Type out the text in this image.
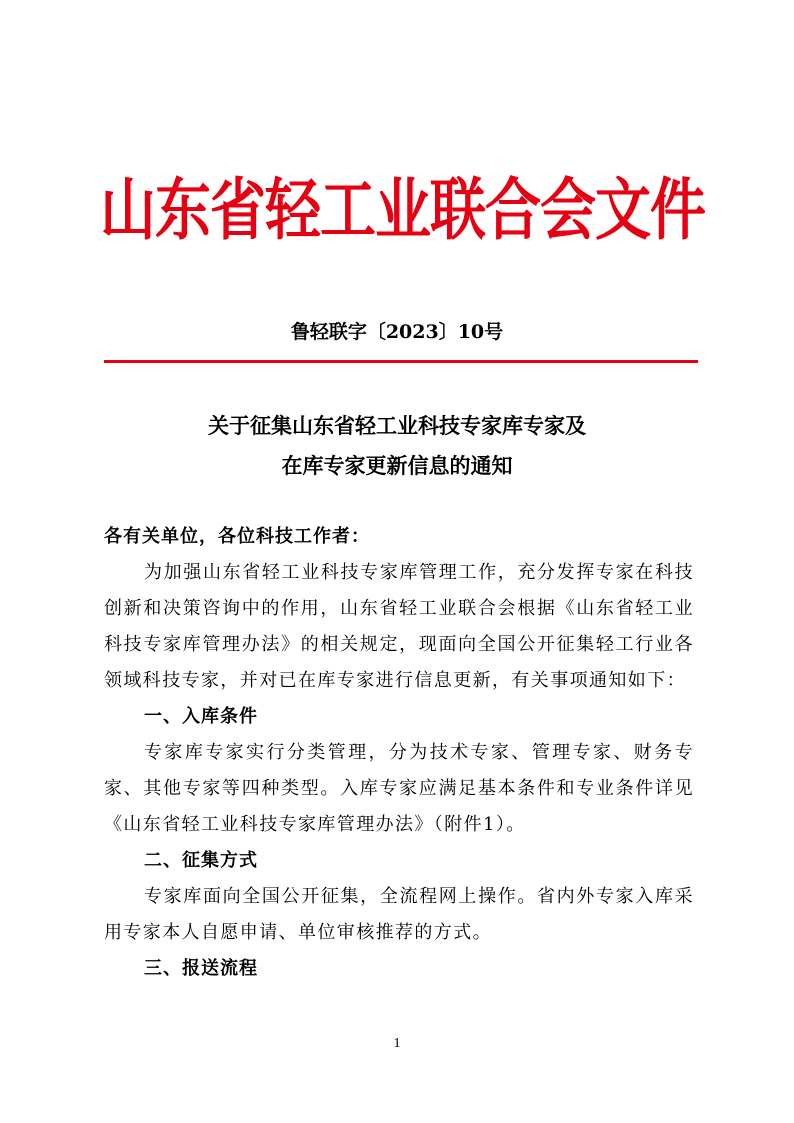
山东省轻工业联合会文件
鲁轻联字〔2023〕10号
关于征集山东省轻工业科技专家库专家及
在库专家更新信息的通知

各有关单位，各位科技工作者：

为加强山东省轻工业科技专家库管理工作，充分发挥专家在科技创新和决策咨询中的作用，山东省轻工业联合会根据《山东省轻工业科技专家库管理办法》的相关规定，现面向全国公开征集轻工行业各领域科技专家，并对已在库专家进行信息更新，有关事项通知如下：

一、入库条件

专家库专家实行分类管理，分为技术专家、管理专家、财务专家、其他专家等四种类型。入库专家应满足基本条件和专业条件详见《山东省轻工业科技专家库管理办法》（附件1）。

二、征集方式

专家库面向全国公开征集，全流程网上操作。省内外专家入库采用专家本人自愿申请、单位审核推荐的方式。

三、报送流程

1
